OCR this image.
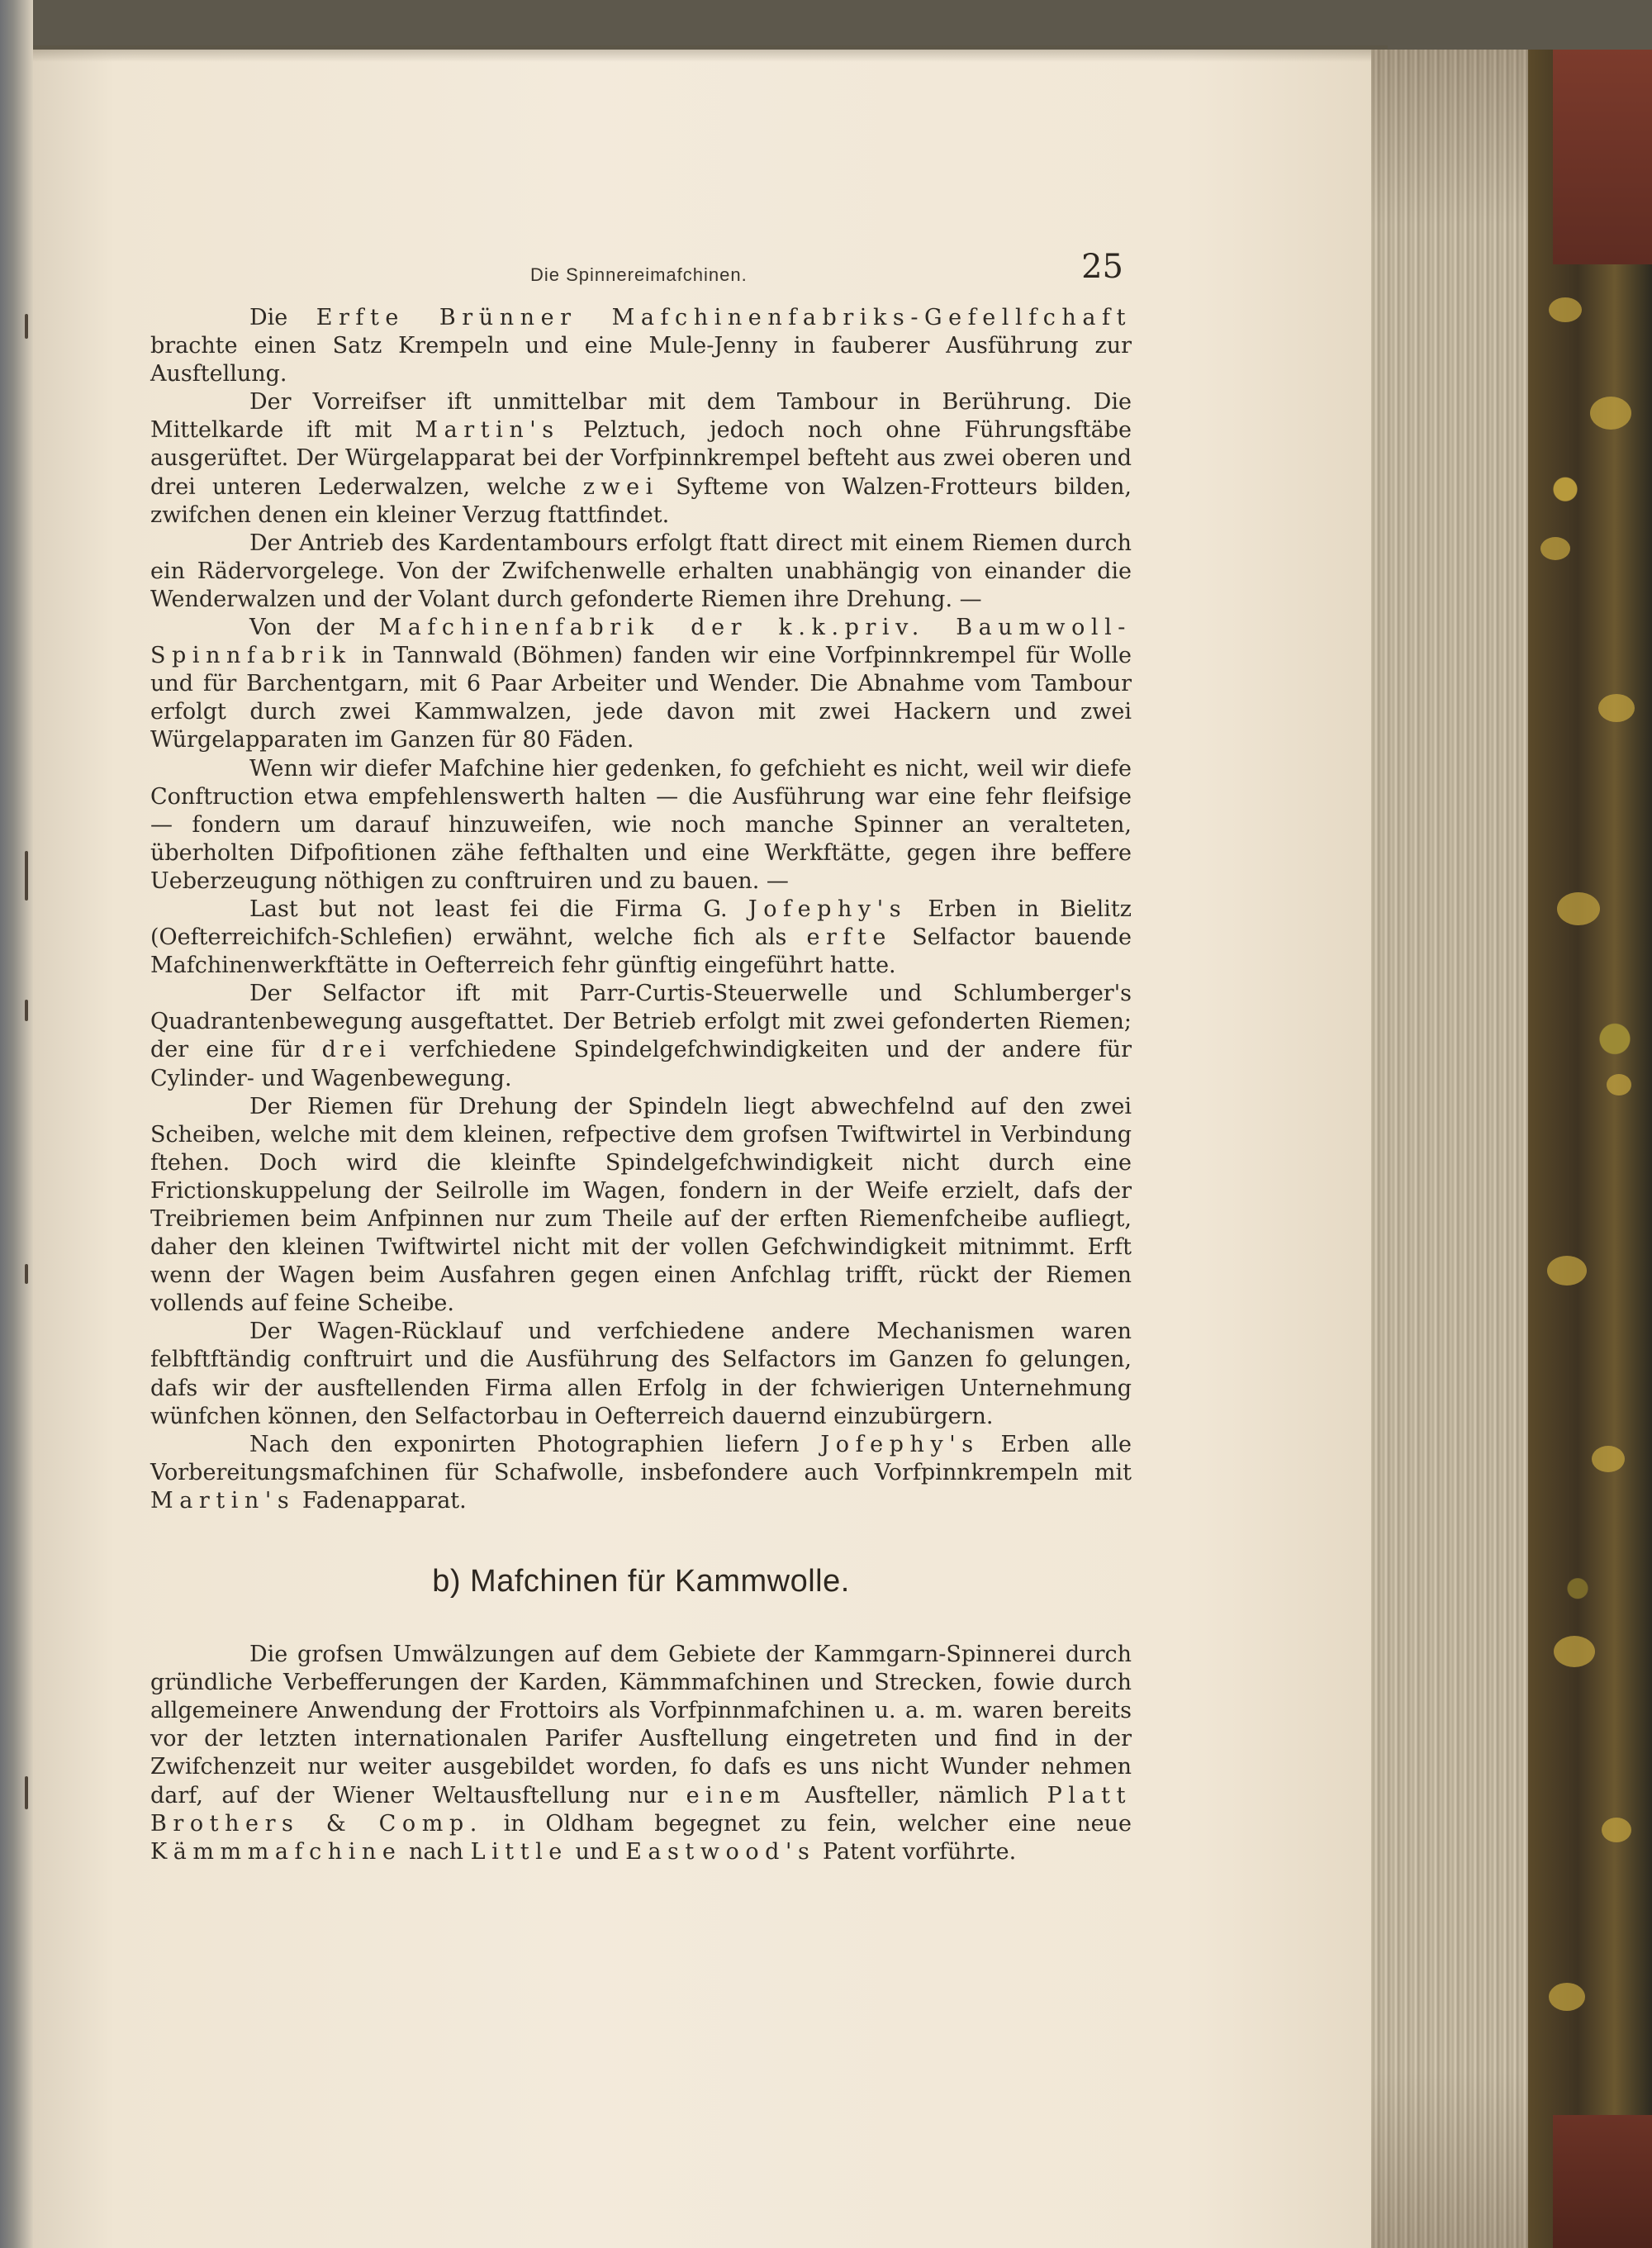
Die Spinnereimafchinen.	25

Die Erfte Brünner Mafchinenfabriks-Gefellfchaft brachte einen Satz Krempeln und eine Mule-Jenny in fauberer Ausführung zur Ausftellung.

Der Vorreifser ift unmittelbar mit dem Tambour in Berührung. Die Mittelkarde ift mit Martin's Pelztuch, jedoch noch ohne Führungsftäbe ausgerüftet. Der Würgelapparat bei der Vorfpinnkrempel befteht aus zwei oberen und drei unteren Lederwalzen, welche zwei Syfteme von Walzen-Frotteurs bilden, zwifchen denen ein kleiner Verzug ftattfindet.

Der Antrieb des Kardentambours erfolgt ftatt direct mit einem Riemen durch ein Rädervorgelege. Von der Zwifchenwelle erhalten unabhängig von einander die Wenderwalzen und der Volant durch gefonderte Riemen ihre Drehung. —

Von der Mafchinenfabrik der k.k.priv. Baumwoll-Spinnfabrik in Tannwald (Böhmen) fanden wir eine Vorfpinnkrempel für Wolle und für Barchentgarn, mit 6 Paar Arbeiter und Wender. Die Abnahme vom Tambour erfolgt durch zwei Kammwalzen, jede davon mit zwei Hackern und zwei Würgelapparaten im Ganzen für 80 Fäden.

Wenn wir diefer Mafchine hier gedenken, fo gefchieht es nicht, weil wir diefe Conftruction etwa empfehlenswerth halten — die Ausführung war eine fehr fleifsige — fondern um darauf hinzuweifen, wie noch manche Spinner an veralteten, überholten Difpofitionen zähe fefthalten und eine Werkftätte, gegen ihre beffere Ueberzeugung nöthigen zu conftruiren und zu bauen. —

Last but not least fei die Firma G. Jofephy's Erben in Bielitz (Oefterreichifch-Schlefien) erwähnt, welche fich als erfte Selfactor bauende Mafchinenwerkftätte in Oefterreich fehr günftig eingeführt hatte.

Der Selfactor ift mit Parr-Curtis-Steuerwelle und Schlumberger's Quadrantenbewegung ausgeftattet. Der Betrieb erfolgt mit zwei gefonderten Riemen; der eine für drei verfchiedene Spindelgefchwindigkeiten und der andere für Cylinder- und Wagenbewegung.

Der Riemen für Drehung der Spindeln liegt abwechfelnd auf den zwei Scheiben, welche mit dem kleinen, refpective dem grofsen Twiftwirtel in Verbindung ftehen. Doch wird die kleinfte Spindelgefchwindigkeit nicht durch eine Frictionskuppelung der Seilrolle im Wagen, fondern in der Weife erzielt, dafs der Treibriemen beim Anfpinnen nur zum Theile auf der erften Riemenfcheibe aufliegt, daher den kleinen Twiftwirtel nicht mit der vollen Gefchwindigkeit mitnimmt. Erft wenn der Wagen beim Ausfahren gegen einen Anfchlag trifft, rückt der Riemen vollends auf feine Scheibe.

Der Wagen-Rücklauf und verfchiedene andere Mechanismen waren felbftftändig conftruirt und die Ausführung des Selfactors im Ganzen fo gelungen, dafs wir der ausftellenden Firma allen Erfolg in der fchwierigen Unternehmung wünfchen können, den Selfactorbau in Oefterreich dauernd einzubürgern.

Nach den exponirten Photographien liefern Jofephy's Erben alle Vorbereitungsmafchinen für Schafwolle, insbefondere auch Vorfpinnkrempeln mit Martin's Fadenapparat.

b) Mafchinen für Kammwolle.

Die grofsen Umwälzungen auf dem Gebiete der Kammgarn-Spinnerei durch gründliche Verbefferungen der Karden, Kämmmafchinen und Strecken, fowie durch allgemeinere Anwendung der Frottoirs als Vorfpinnmafchinen u. a. m. waren bereits vor der letzten internationalen Parifer Ausftellung eingetreten und find in der Zwifchenzeit nur weiter ausgebildet worden, fo dafs es uns nicht Wunder nehmen darf, auf der Wiener Weltausftellung nur einem Ausfteller, nämlich Platt Brothers & Comp. in Oldham begegnet zu fein, welcher eine neue Kämmmafchine nach Little und Eastwood's Patent vorführte.
